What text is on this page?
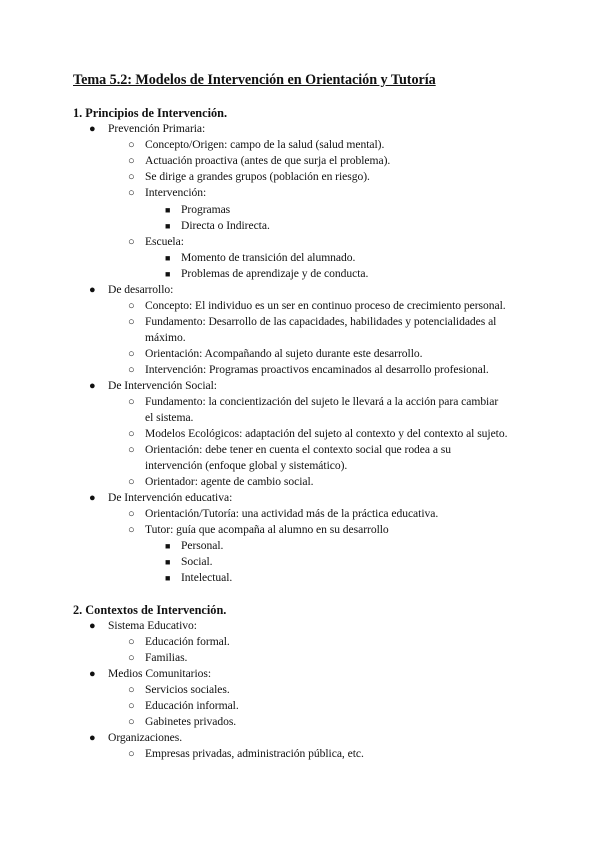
Tema 5.2: Modelos de Intervención en Orientación y Tutoría
1. Principios de Intervención.
● Prevención Primaria:
○ Concepto/Origen: campo de la salud (salud mental).
○ Actuación proactiva (antes de que surja el problema).
○ Se dirige a grandes grupos (población en riesgo).
○ Intervención:
■ Programas
■ Directa o Indirecta.
○ Escuela:
■ Momento de transición del alumnado.
■ Problemas de aprendizaje y de conducta.
● De desarrollo:
○ Concepto: El individuo es un ser en continuo proceso de crecimiento personal.
○ Fundamento: Desarrollo de las capacidades, habilidades y potencialidades al
máximo.
○ Orientación: Acompañando al sujeto durante este desarrollo.
○ Intervención: Programas proactivos encaminados al desarrollo profesional.
● De Intervención Social:
○ Fundamento: la concientización del sujeto le llevará a la acción para cambiar
el sistema.
○ Modelos Ecológicos: adaptación del sujeto al contexto y del contexto al sujeto.
○ Orientación: debe tener en cuenta el contexto social que rodea a su
intervención (enfoque global y sistemático).
○ Orientador: agente de cambio social.
● De Intervención educativa:
○ Orientación/Tutoría: una actividad más de la práctica educativa.
○ Tutor: guía que acompaña al alumno en su desarrollo
■ Personal.
■ Social.
■ Intelectual.
2. Contextos de Intervención.
● Sistema Educativo:
○ Educación formal.
○ Familias.
● Medios Comunitarios:
○ Servicios sociales.
○ Educación informal.
○ Gabinetes privados.
● Organizaciones.
○ Empresas privadas, administración pública, etc.
